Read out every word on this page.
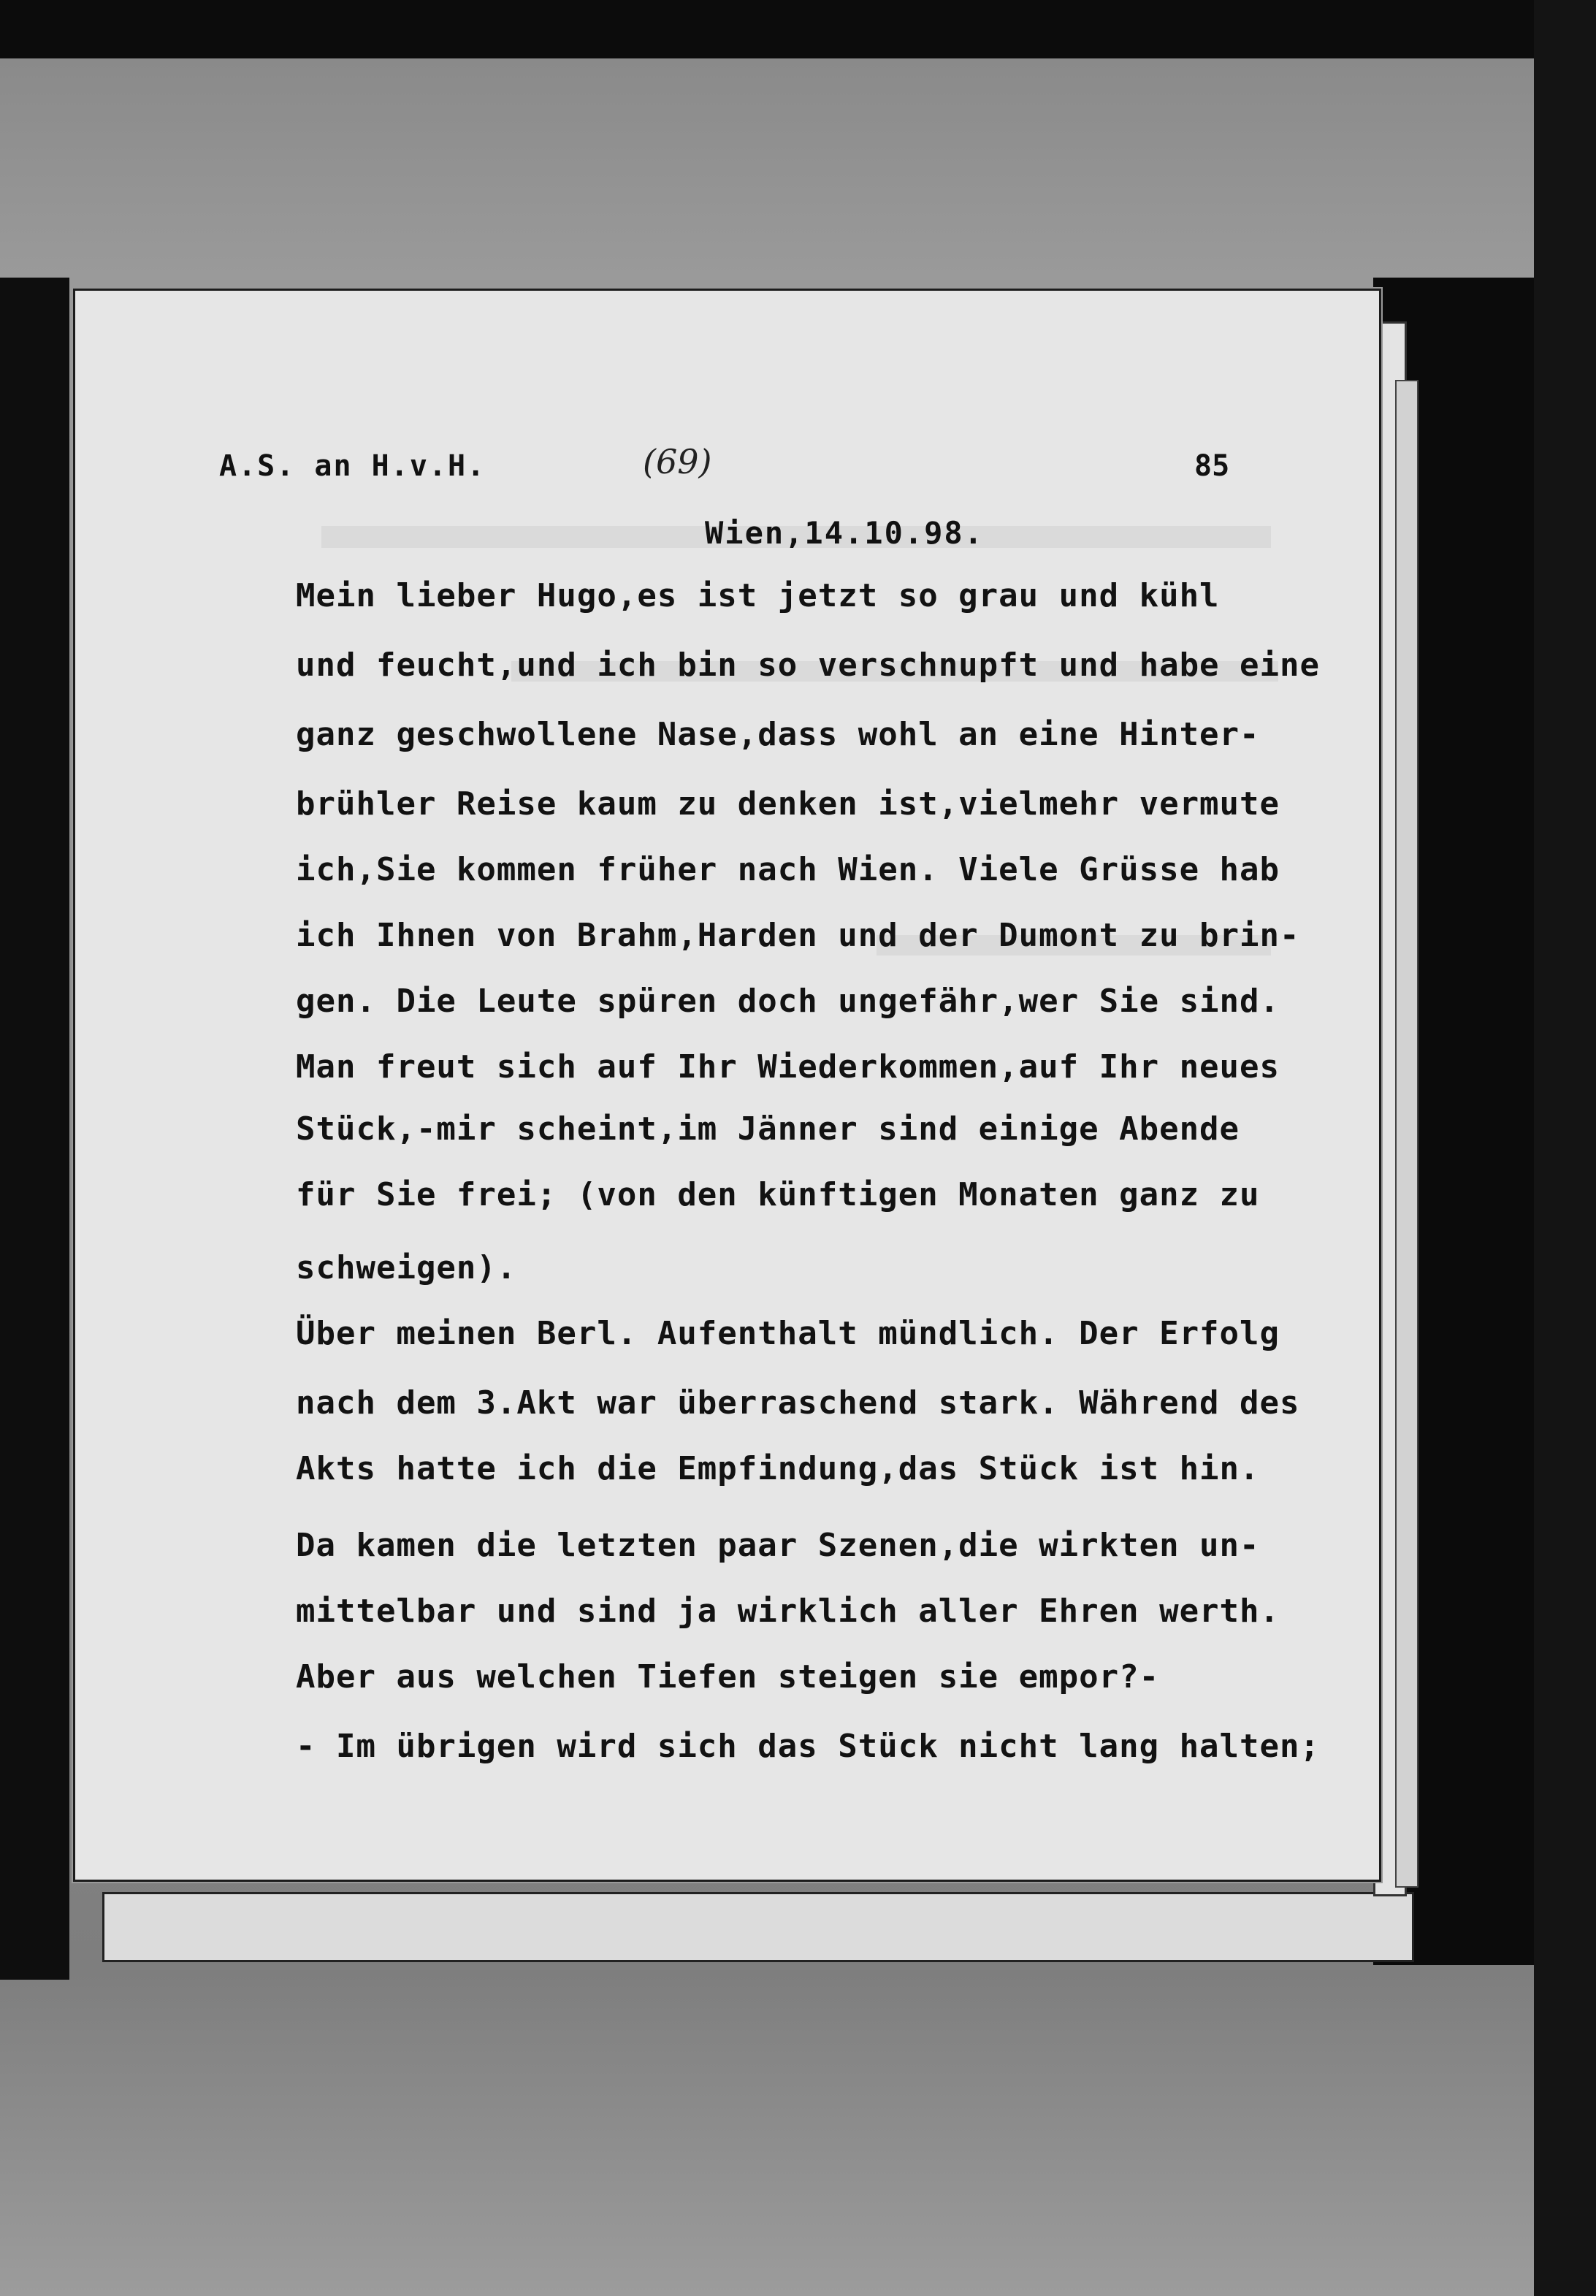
A.S. an H.v.H.	(69)	85
Wien,14.10.98.
Mein lieber Hugo,es ist jetzt so grau und kühl
und feucht,und ich bin so verschnupft und habe eine
ganz geschwollene Nase,dass wohl an eine Hinter-
brühler Reise kaum zu denken ist,vielmehr vermute
ich,Sie kommen früher nach Wien. Viele Grüsse hab
ich Ihnen von Brahm,Harden und der Dumont zu brin-
gen. Die Leute spüren doch ungefähr,wer Sie sind.
Man freut sich auf Ihr Wiederkommen,auf Ihr neues
Stück,-mir scheint,im Jänner sind einige Abende
für Sie frei; (von den künftigen Monaten ganz zu
schweigen).
Über meinen Berl. Aufenthalt mündlich. Der Erfolg
nach dem 3.Akt war überraschend stark. Während des
Akts hatte ich die Empfindung,das Stück ist hin.
Da kamen die letzten paar Szenen,die wirkten un-
mittelbar und sind ja wirklich aller Ehren werth.
Aber aus welchen Tiefen steigen sie empor?-
- Im übrigen wird sich das Stück nicht lang halten;
